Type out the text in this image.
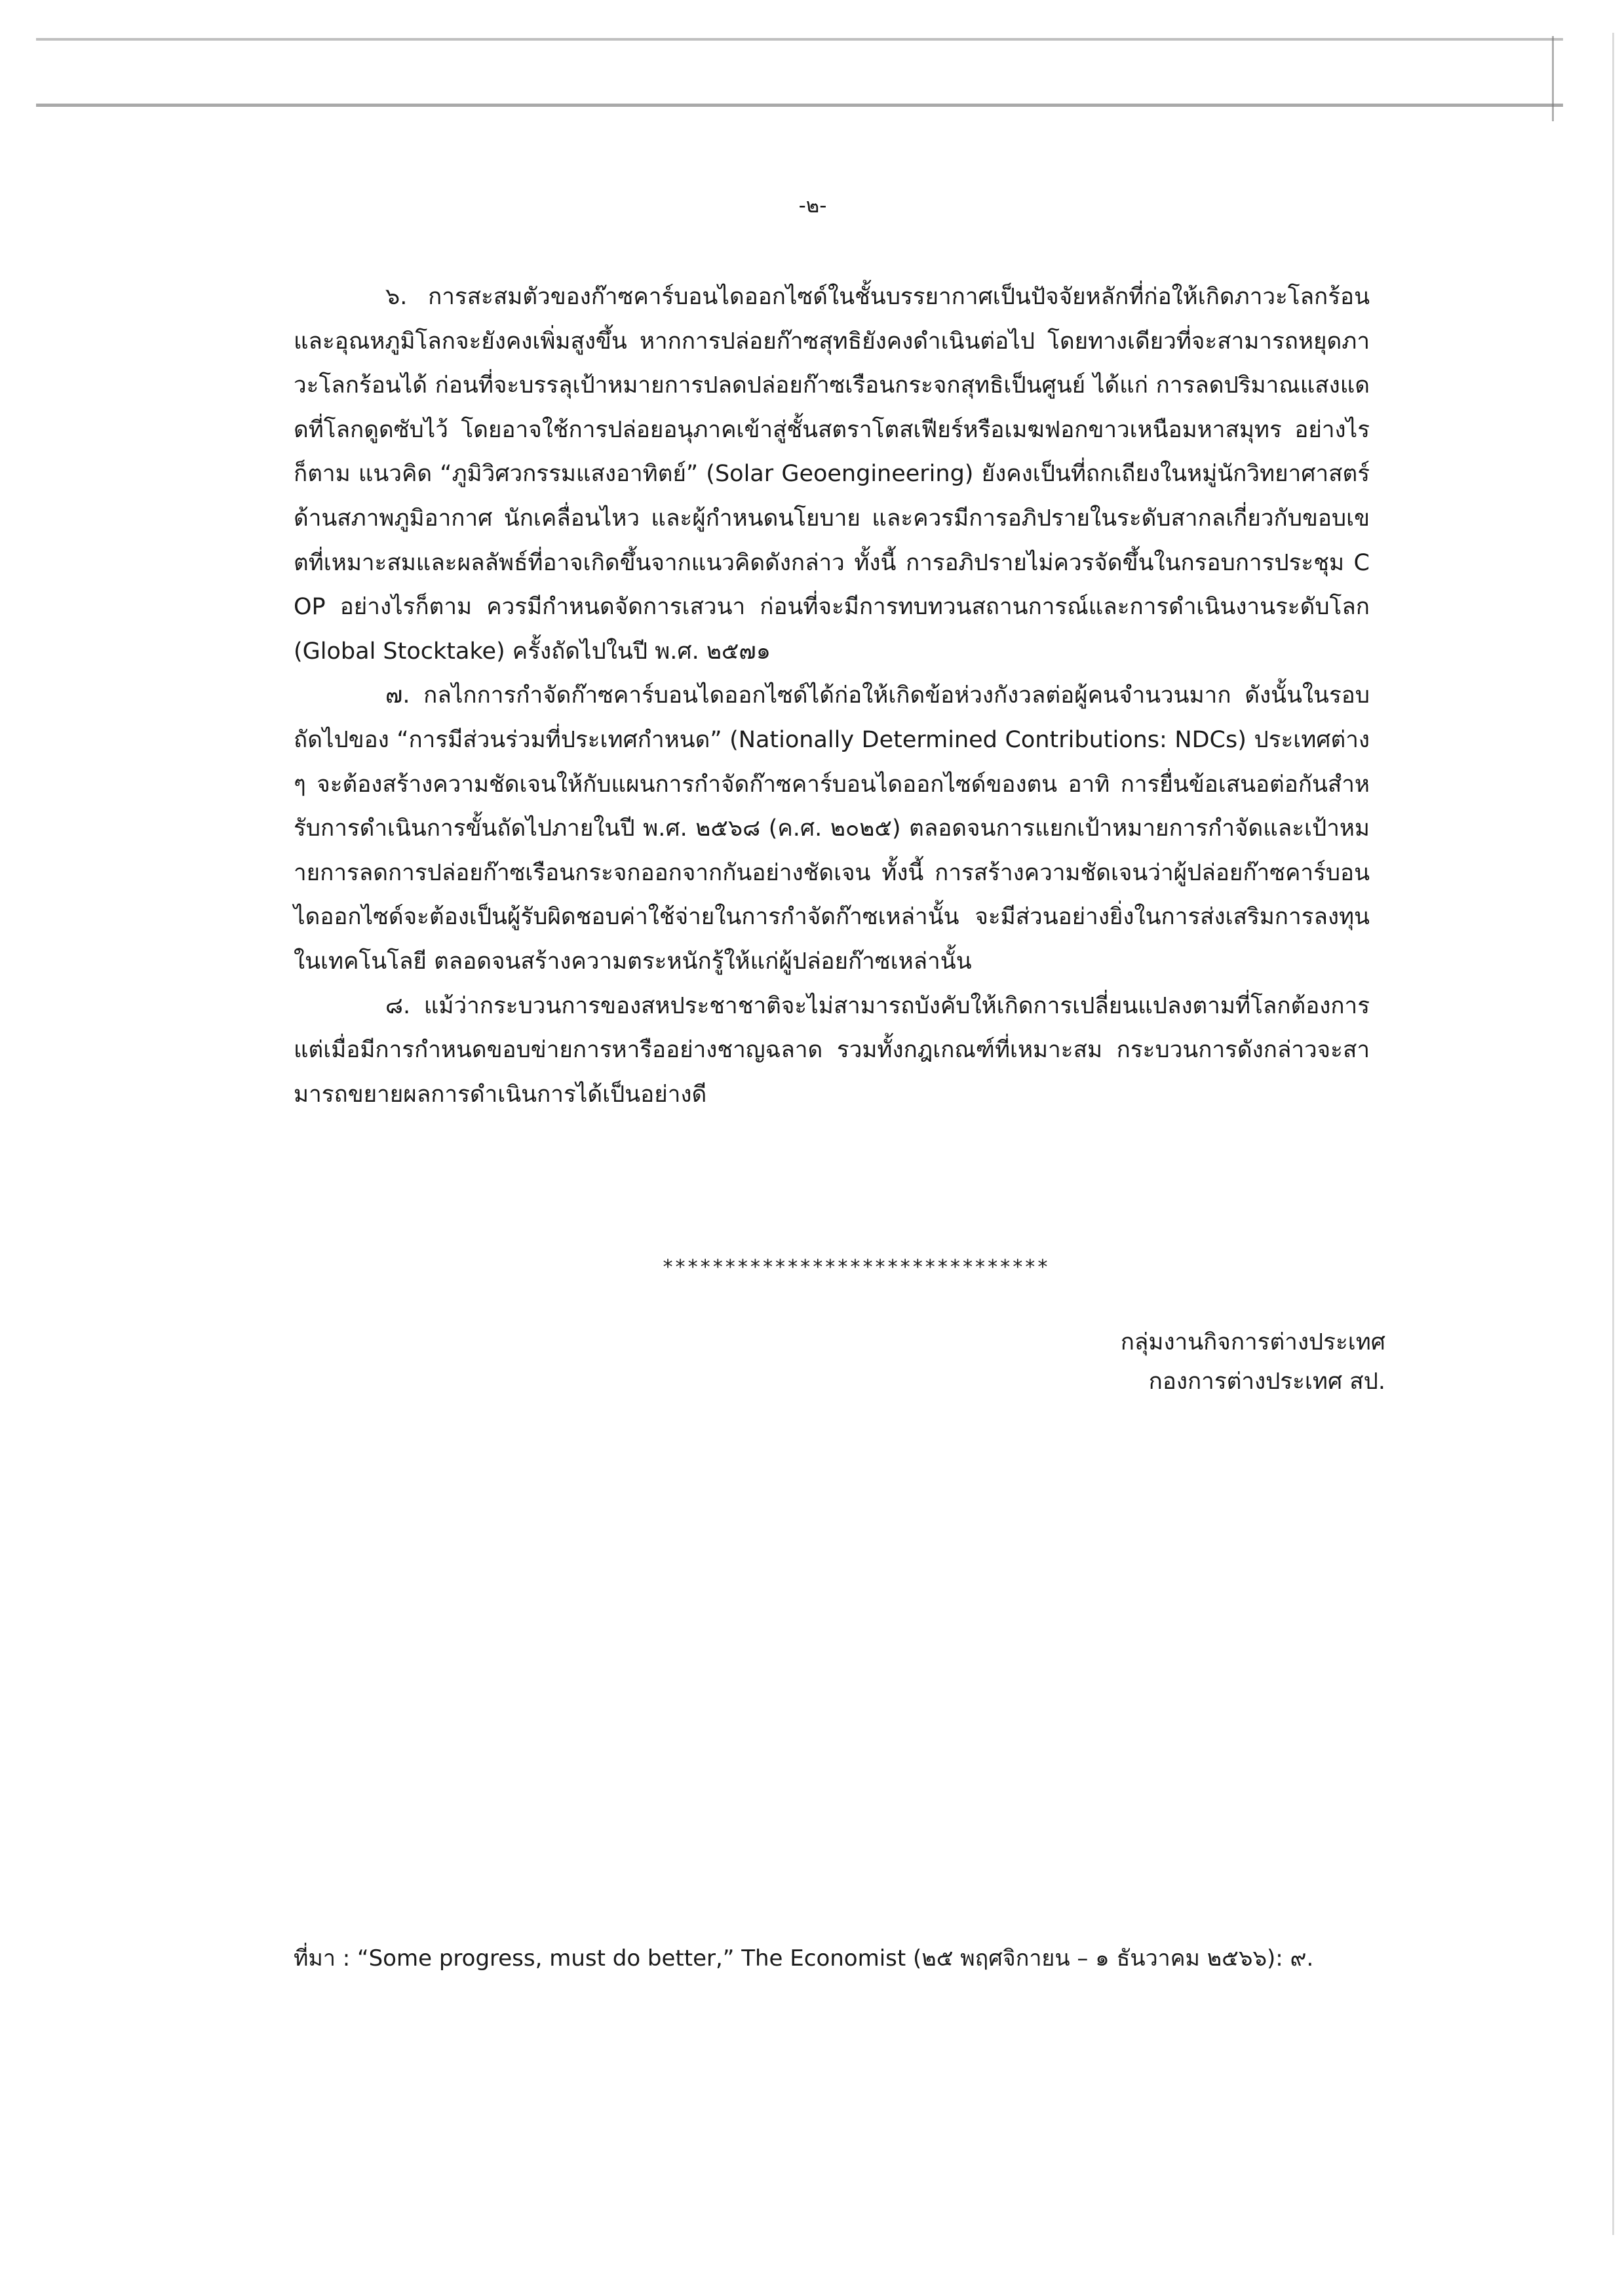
-๒-

๖. การสะสมตัวของก๊าซคาร์บอนไดออกไซด์ในชั้นบรรยากาศเป็นปัจจัยหลักที่ก่อให้เกิดภาวะโลกร้อนและอุณหภูมิโลกจะยังคงเพิ่มสูงขึ้น หากการปล่อยก๊าซสุทธิยังคงดำเนินต่อไป โดยทางเดียวที่จะสามารถหยุดภาวะโลกร้อนได้ ก่อนที่จะบรรลุเป้าหมายการปลดปล่อยก๊าซเรือนกระจกสุทธิเป็นศูนย์ ได้แก่ การลดปริมาณแสงแดดที่โลกดูดซับไว้ โดยอาจใช้การปล่อยอนุภาคเข้าสู่ชั้นสตราโตสเฟียร์หรือเมฆฟอกขาวเหนือมหาสมุทร อย่างไรก็ตาม แนวคิด “ภูมิวิศวกรรมแสงอาทิตย์” (Solar Geoengineering) ยังคงเป็นที่ถกเถียงในหมู่นักวิทยาศาสตร์ด้านสภาพภูมิอากาศ นักเคลื่อนไหว และผู้กำหนดนโยบาย และควรมีการอภิปรายในระดับสากลเกี่ยวกับขอบเขตที่เหมาะสมและผลลัพธ์ที่อาจเกิดขึ้นจากแนวคิดดังกล่าว ทั้งนี้ การอภิปรายไม่ควรจัดขึ้นในกรอบการประชุม COP อย่างไรก็ตาม ควรมีกำหนดจัดการเสวนา ก่อนที่จะมีการทบทวนสถานการณ์และการดำเนินงานระดับโลก (Global Stocktake) ครั้งถัดไปในปี พ.ศ. ๒๕๗๑

๗. กลไกการกำจัดก๊าซคาร์บอนไดออกไซด์ได้ก่อให้เกิดข้อห่วงกังวลต่อผู้คนจำนวนมาก ดังนั้นในรอบถัดไปของ “การมีส่วนร่วมที่ประเทศกำหนด” (Nationally Determined Contributions: NDCs) ประเทศต่าง ๆ จะต้องสร้างความชัดเจนให้กับแผนการกำจัดก๊าซคาร์บอนไดออกไซด์ของตน อาทิ การยื่นข้อเสนอต่อกันสำหรับการดำเนินการขั้นถัดไปภายในปี พ.ศ. ๒๕๖๘ (ค.ศ. ๒๐๒๕) ตลอดจนการแยกเป้าหมายการกำจัดและเป้าหมายการลดการปล่อยก๊าซเรือนกระจกออกจากกันอย่างชัดเจน ทั้งนี้ การสร้างความชัดเจนว่าผู้ปล่อยก๊าซคาร์บอนไดออกไซด์จะต้องเป็นผู้รับผิดชอบค่าใช้จ่ายในการกำจัดก๊าซเหล่านั้น จะมีส่วนอย่างยิ่งในการส่งเสริมการลงทุนในเทคโนโลยี ตลอดจนสร้างความตระหนักรู้ให้แก่ผู้ปล่อยก๊าซเหล่านั้น

๘. แม้ว่ากระบวนการของสหประชาชาติจะไม่สามารถบังคับให้เกิดการเปลี่ยนแปลงตามที่โลกต้องการแต่เมื่อมีการกำหนดขอบข่ายการหารืออย่างชาญฉลาด รวมทั้งกฎเกณฑ์ที่เหมาะสม กระบวนการดังกล่าวจะสามารถขยายผลการดำเนินการได้เป็นอย่างดี

*******************************
กลุ่มงานกิจการต่างประเทศ
กองการต่างประเทศ สป.
ที่มา : “Some progress, must do better,” The Economist (๒๕ พฤศจิกายน – ๑ ธันวาคม ๒๕๖๖): ๙.
